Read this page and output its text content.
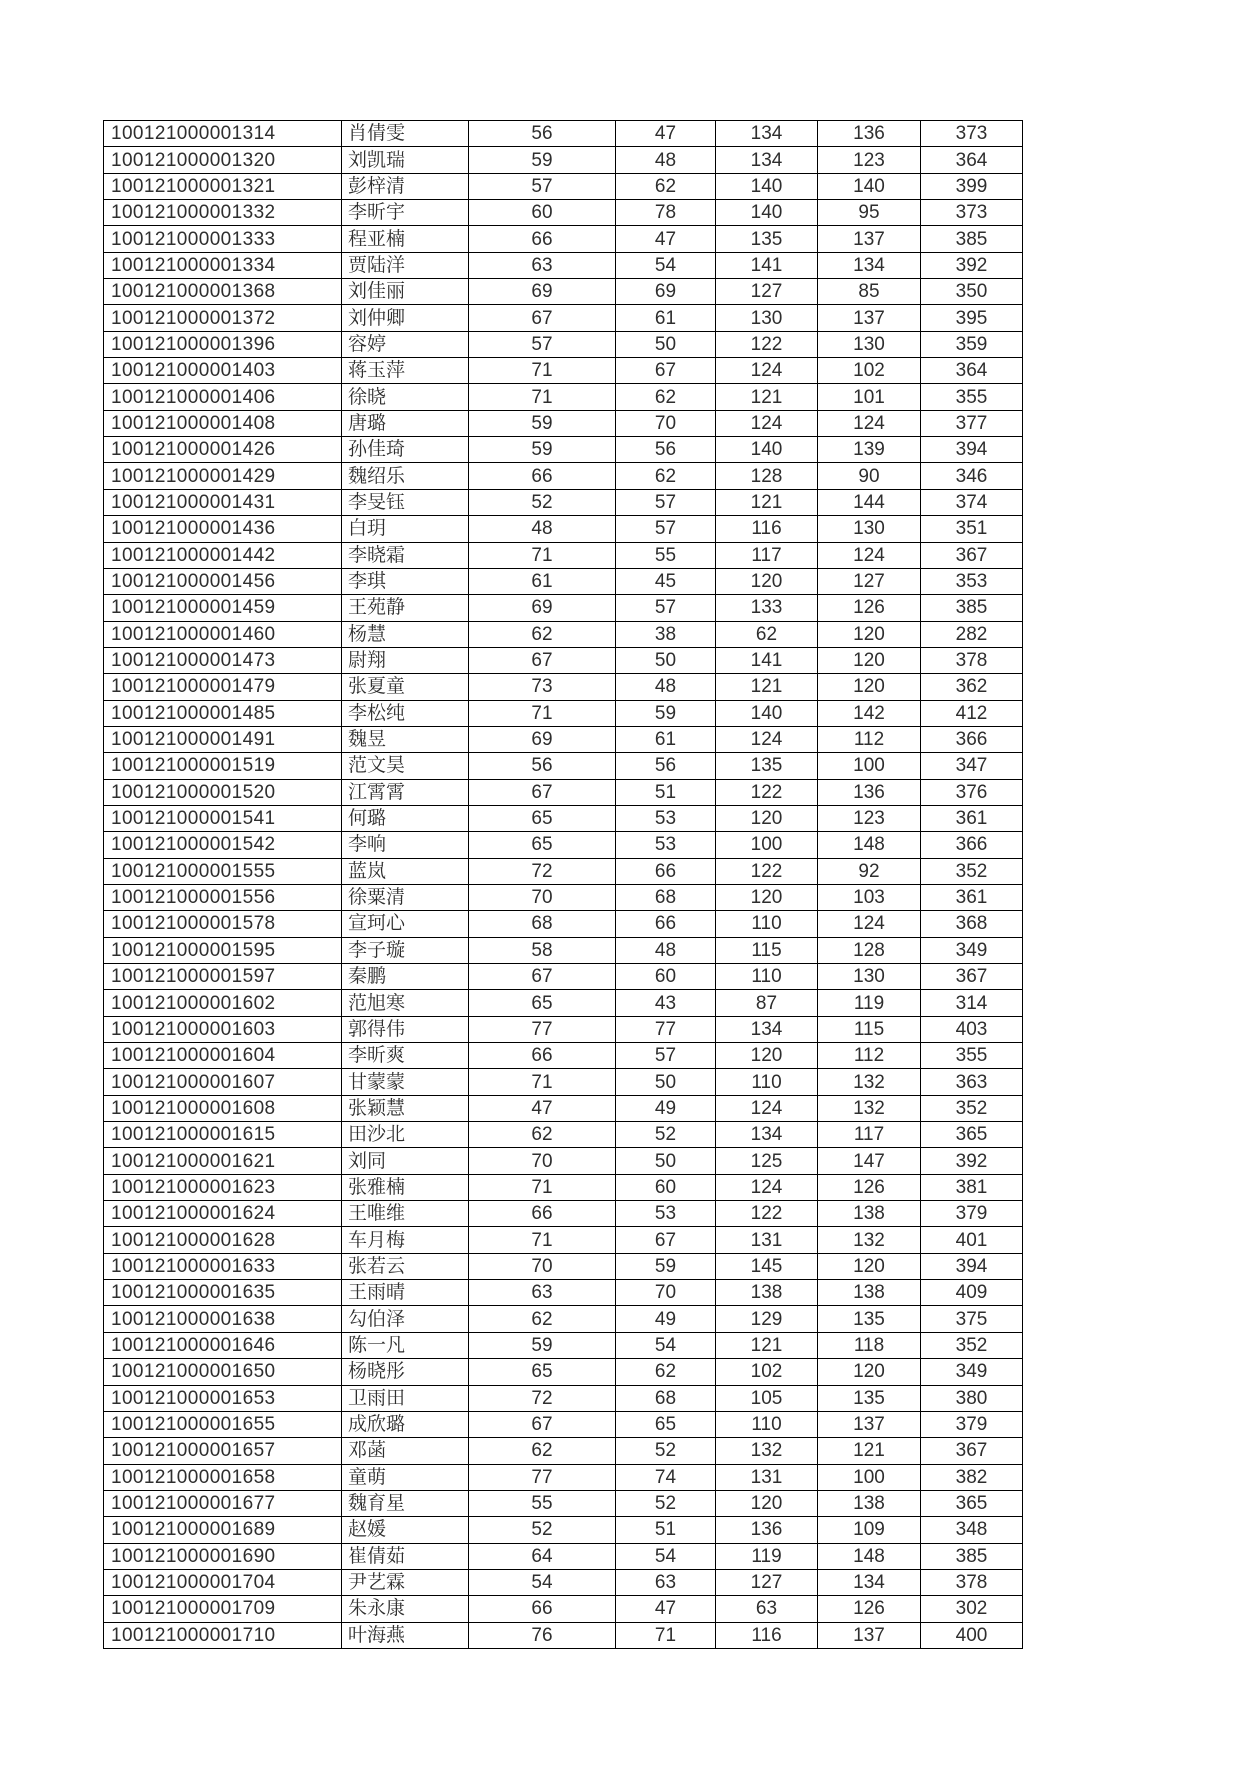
100121000001314	肖倩雯	56	47	134	136	373
100121000001320	刘凯瑞	59	48	134	123	364
100121000001321	彭梓清	57	62	140	140	399
100121000001332	李昕宇	60	78	140	95	373
100121000001333	程亚楠	66	47	135	137	385
100121000001334	贾陆洋	63	54	141	134	392
100121000001368	刘佳丽	69	69	127	85	350
100121000001372	刘仲卿	67	61	130	137	395
100121000001396	容婷	57	50	122	130	359
100121000001403	蒋玉萍	71	67	124	102	364
100121000001406	徐晓	71	62	121	101	355
100121000001408	唐璐	59	70	124	124	377
100121000001426	孙佳琦	59	56	140	139	394
100121000001429	魏绍乐	66	62	128	90	346
100121000001431	李旻钰	52	57	121	144	374
100121000001436	白玥	48	57	116	130	351
100121000001442	李晓霜	71	55	117	124	367
100121000001456	李琪	61	45	120	127	353
100121000001459	王苑静	69	57	133	126	385
100121000001460	杨慧	62	38	62	120	282
100121000001473	尉翔	67	50	141	120	378
100121000001479	张夏童	73	48	121	120	362
100121000001485	李松纯	71	59	140	142	412
100121000001491	魏昱	69	61	124	112	366
100121000001519	范文昊	56	56	135	100	347
100121000001520	江霄霄	67	51	122	136	376
100121000001541	何璐	65	53	120	123	361
100121000001542	李响	65	53	100	148	366
100121000001555	蓝岚	72	66	122	92	352
100121000001556	徐粟清	70	68	120	103	361
100121000001578	宣珂心	68	66	110	124	368
100121000001595	李子璇	58	48	115	128	349
100121000001597	秦鹏	67	60	110	130	367
100121000001602	范旭寒	65	43	87	119	314
100121000001603	郭得伟	77	77	134	115	403
100121000001604	李昕爽	66	57	120	112	355
100121000001607	甘蒙蒙	71	50	110	132	363
100121000001608	张颖慧	47	49	124	132	352
100121000001615	田沙北	62	52	134	117	365
100121000001621	刘同	70	50	125	147	392
100121000001623	张雅楠	71	60	124	126	381
100121000001624	王唯维	66	53	122	138	379
100121000001628	车月梅	71	67	131	132	401
100121000001633	张若云	70	59	145	120	394
100121000001635	王雨晴	63	70	138	138	409
100121000001638	勾伯泽	62	49	129	135	375
100121000001646	陈一凡	59	54	121	118	352
100121000001650	杨晓彤	65	62	102	120	349
100121000001653	卫雨田	72	68	105	135	380
100121000001655	成欣璐	67	65	110	137	379
100121000001657	邓菡	62	52	132	121	367
100121000001658	童萌	77	74	131	100	382
100121000001677	魏育星	55	52	120	138	365
100121000001689	赵媛	52	51	136	109	348
100121000001690	崔倩茹	64	54	119	148	385
100121000001704	尹艺霖	54	63	127	134	378
100121000001709	朱永康	66	47	63	126	302
100121000001710	叶海燕	76	71	116	137	400
